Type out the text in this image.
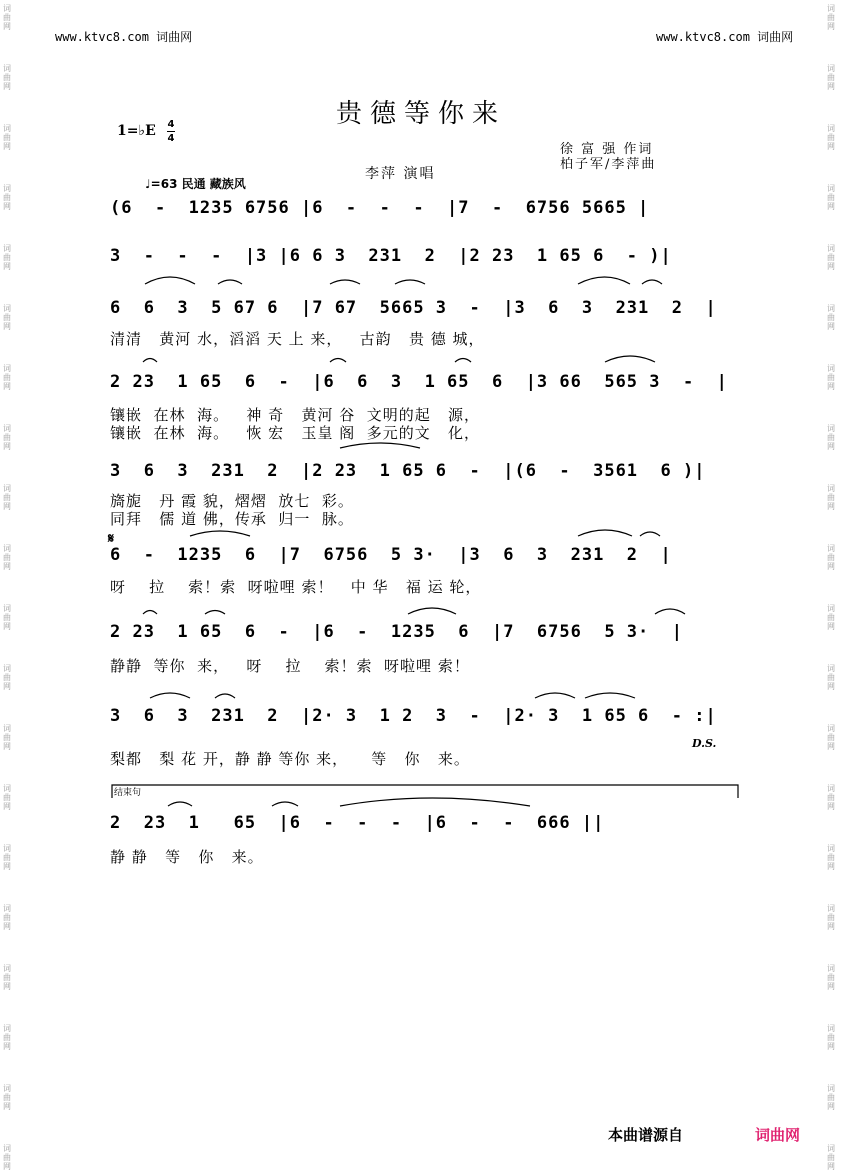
词
曲
网
词
曲
网
词
曲
网
词
曲
网
词
曲
网
词
曲
网
词
曲
网
词
曲
网
词
曲
网
词
曲
网
词
曲
网
词
曲
网
词
曲
网
词
曲
网
词
曲
网
词
曲
网
词
曲
网
词
曲
网
词
曲
网
词
曲
网
词
曲
网
词
曲
网
词
曲
网
词
曲
网
词
曲
网
词
曲
网
词
曲
网
词
曲
网
词
曲
网
词
曲
网
词
曲
网
词
曲
网
词
曲
网
词
曲
网
词
曲
网
词
曲
网
词
曲
网
词
曲
网
词
曲
网
词
曲
网
www.ktvc8.com 词曲网	www.ktvc8.com 词曲网
贵德等你来
1=♭E 4
4
徐 富 强 作词
柏子军/李萍曲
李萍 演唱
♩=63 民通 藏族风
(6  -  1235 6756 |6  -  -  -  |7  -  6756 5665 |
3  -  -  -  |3 |6 6 3  231  2  |2 23  1 65 6  - )|
6  6  3  5 67 6  |7 67  5665 3  -  |3  6  3  231  2  |
清清   黄河 水，滔滔 天 上 来，   古韵   贵 德 城，
2 23  1 65  6  -  |6  6  3  1 65  6  |3 66  565 3  -  |
镶嵌  在林  海。   神 奇   黄河 谷  文明的起   源，
镶嵌  在林  海。   恢 宏   玉皇 阁  多元的文   化，
3  6  3  231  2  |2 23  1 65 6  -  |(6  -  3561  6 )|
旖旎   丹 霞 貌，熠熠  放七  彩。
同拜   儒 道 佛，传承  归一  脉。
𝄋
6  -  1235  6  |7  6756  5 3·  |3  6  3  231  2  |
呀    拉    索！索  呀啦哩 索！   中 华   福 运 轮，
2 23  1 65  6  -  |6  -  1235  6  |7  6756  5 3·  |
静静  等你  来，   呀    拉    索！索  呀啦哩 索！
3  6  3  231  2  |2· 3  1 2  3  -  |2· 3  1 65 6  - :|
梨都   梨 花 开，静 静 等你 来，    等   你   来。
D.S.
结束句
2  23  1   65  |6  -  -  -  |6  -  -  666 ||
静 静   等   你   来。
本曲谱源自	词曲网
